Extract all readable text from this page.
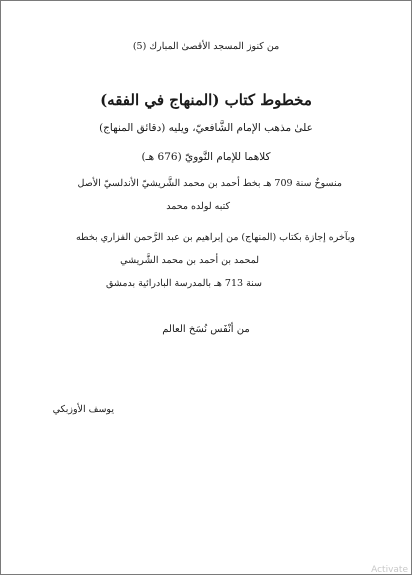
من كنوز المسجد الأقصىٰ المبارك (5)
مخطوط كتاب (المنهاج في الفقه)
علىٰ مذهب الإمام الشَّافعيّ، ويليه (دقائق المنهاج)
كلاهما للإمام النَّوويّ (676 هـ)
منسوخٌ سنة 709 هـ بخط أحمد بن محمد الشَّريشيّ الأندلسيّ الأصل
كتبه لولده محمد
وبآخره إجازة بكتاب (المنهاج) من إبراهيم بن عبد الرَّحمن الفزاري بخطه
لمحمد بن أحمد بن محمد الشَّريشي
سنة 713 هـ بالمدرسة البادرائية بدمشق
من أنْفَس نُسَخ العالم
يوسف الأوزبكي
Activate
